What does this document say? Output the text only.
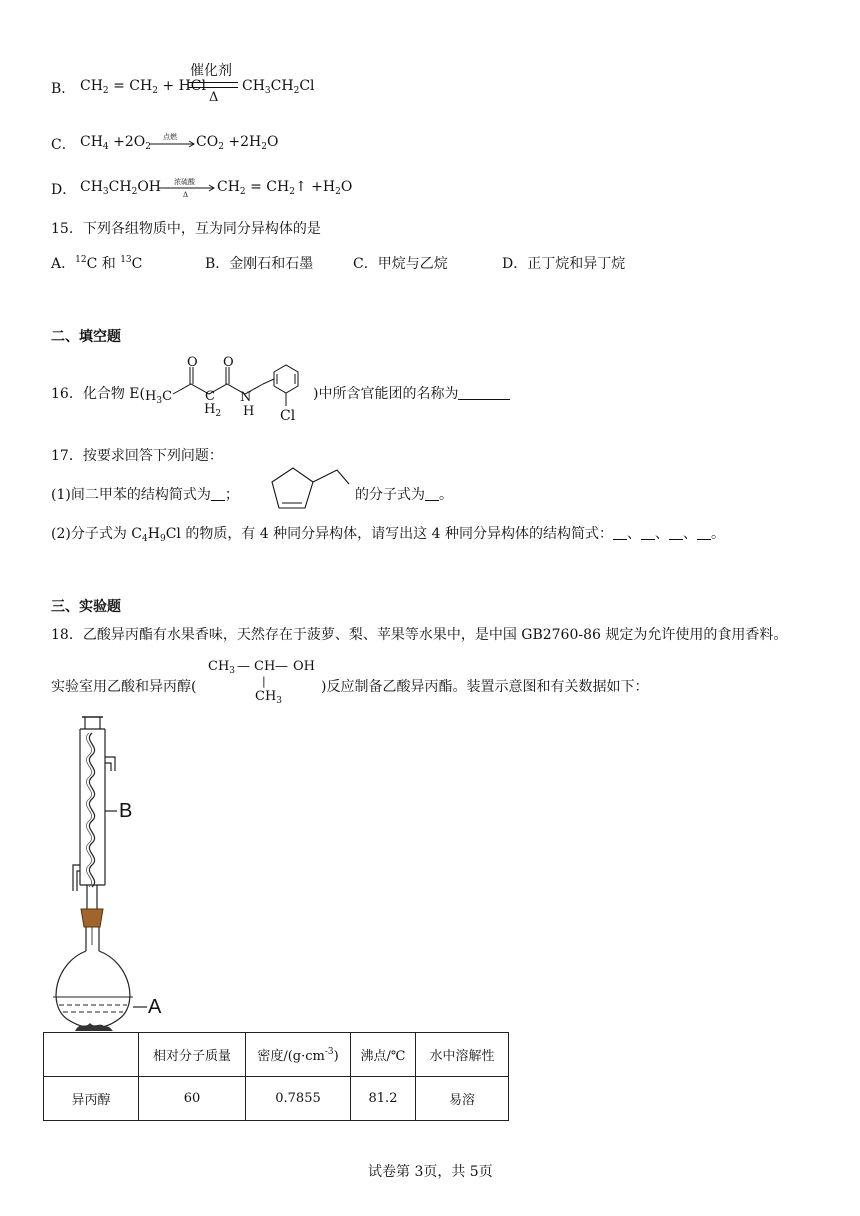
B． $CH_2 = CH_2$ + HCl
催化剂
Δ
$CH_3CH_2Cl$
C． $CH_4 +2O_2$
点燃 $CO_2 +2H_2O$
D． $CH_3CH_2OH$ 浓硫酸
Δ $CH_2$ = $CH_2↑ +H_2O$
15．下列各组物质中，互为同分异构体的是
A．$^{12}$C 和 $^{13}$C	B．金刚石和石墨	C．甲烷与乙烷	D．正丁烷和异丁烷
二、填空题
16．化合物 E(
O O
$H_3C$	C
$H_2$
N
H Cl
)中所含官能团的名称为
17．按要求回答下列问题：
(1)间二甲苯的结构简式为 ；	的分子式为 。
(2)分子式为 $C_4H_9Cl$ 的物质，有 4 种同分异构体，请写出这 4 种同分异构体的结构简式： 、 、 、 。
三、实验题
18．乙酸异丙酯有水果香味，天然存在于菠萝、梨、苹果等水果中，是中国 GB2760-86 规定为允许使用的食用香料。
实验室用乙酸和异丙醇(
$CH_3$ — CH — OH
|
$CH_3$
)反应制备乙酸异丙酯。装置示意图和有关数据如下：
B
A
	相对分子质量	密度$/(g\cdot cm^{-3})$	沸点/℃	水中溶解性
异丙醇	60	0.7855	81.2	易溶
试卷第 3页，共 5页
